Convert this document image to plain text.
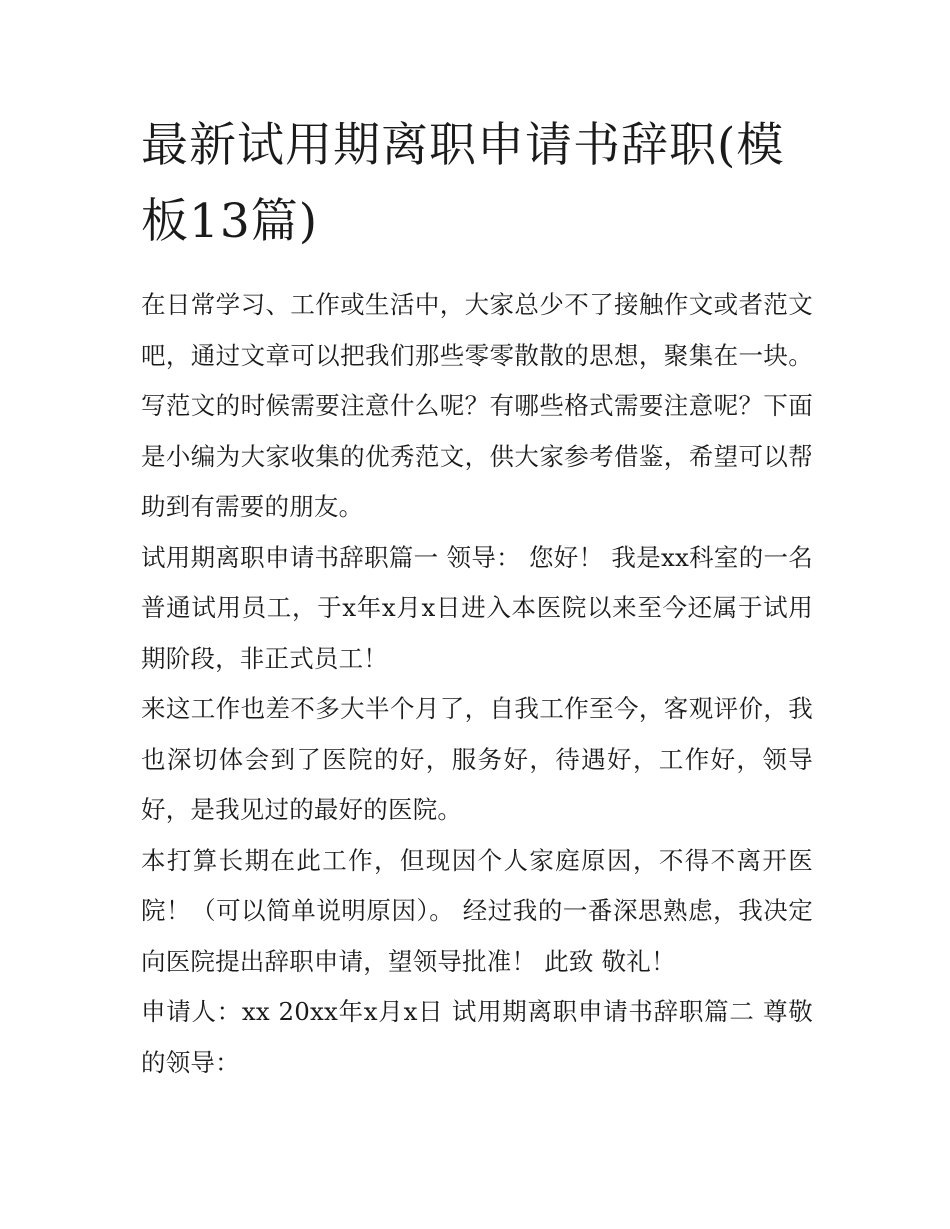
最新试用期离职申请书辞职(模板13篇)

在日常学习、工作或生活中，大家总少不了接触作文或者范文吧，通过文章可以把我们那些零零散散的思想，聚集在一块。写范文的时候需要注意什么呢？有哪些格式需要注意呢？下面是小编为大家收集的优秀范文，供大家参考借鉴，希望可以帮助到有需要的朋友。

试用期离职申请书辞职篇一 领导： 您好！ 我是xx科室的一名普通试用员工，于x年x月x日进入本医院以来至今还属于试用期阶段，非正式员工！

来这工作也差不多大半个月了，自我工作至今，客观评价，我也深切体会到了医院的好，服务好，待遇好，工作好，领导好，是我见过的最好的医院。

本打算长期在此工作，但现因个人家庭原因，不得不离开医院！（可以简单说明原因）。 经过我的一番深思熟虑，我决定向医院提出辞职申请，望领导批准！ 此致 敬礼！

申请人：xx 20xx年x月x日 试用期离职申请书辞职篇二 尊敬的领导：
